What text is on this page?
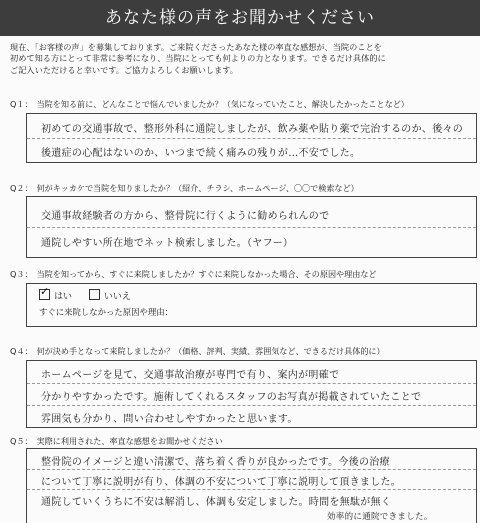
あなた様の声をお聞かせください
現在、「お客様の声」を募集しております。ご来院くださったあなた様の率直な感想が、当院のことを
初めて知る方にとって非常に参考になり、当院にとっても何よりの力となります。できるだけ具体的に
ご記入いただけると幸いです。ご協力よろしくお願いします。
Q１： 当院を知る前に、どんなことで悩んでいましたか？（気になっていたこと、解決したかったことなど）
初めての交通事故で、整形外科に通院しましたが、飲み薬や貼り薬で完治するのか、後々の
後遺症の心配はないのか、いつまで続く痛みの残りが…不安でした。
Q２： 何がキッカケで当院を知りましたか？（紹介、チラシ、ホームページ、〇〇で検索など）
交通事故経験者の方から、整骨院に行くように勧められんので
通院しやすい所在地でネット検索しました。（ヤフー）
Q３： 当院を知ってから、すぐに来院しましたか？すぐに来院しなかった場合、その原因や理由など
✓はい	いいえ
すぐに来院しなかった原因や理由：
Q４： 何が決め手となって来院しましたか？（価格、評判、実績、雰囲気など、できるだけ具体的に）
ホームページを見て、交通事故治療が専門で有り、案内が明確で
分かりやすかったです。施術してくれるスタッフのお写真が掲載されていたことで
雰囲気も分かり、問い合わせしやすかったと思います。
Q５： 実際に利用された、率直な感想をお聞かせください
整骨院のイメージと違い清潔で、落ち着く香りが良かったです。今後の治療
について丁寧に説明が有り、体調の不安について丁寧に説明して頂きました。
通院していくうちに不安は解消し、体調も安定しました。時間を無駄が無く
効率的に通院できました。
